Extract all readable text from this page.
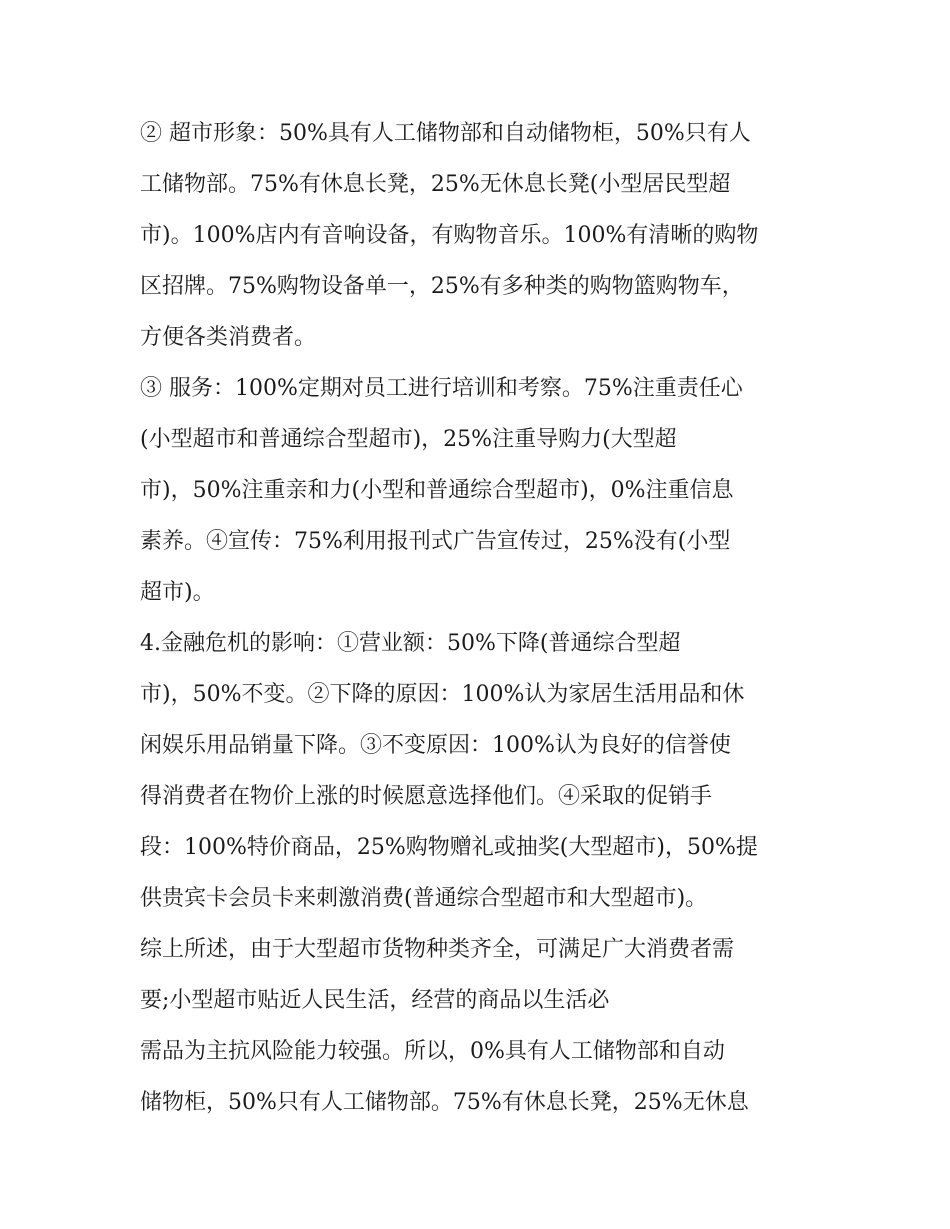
② 超市形象：50%具有人工储物部和自动储物柜，50%只有人
工储物部。75%有休息长凳，25%无休息长凳(小型居民型超
市)。100%店内有音响设备，有购物音乐。100%有清晰的购物
区招牌。75%购物设备单一，25%有多种类的购物篮购物车，
方便各类消费者。
③ 服务：100%定期对员工进行培训和考察。75%注重责任心
(小型超市和普通综合型超市)，25%注重导购力(大型超
市)，50%注重亲和力(小型和普通综合型超市)，0%注重信息
素养。④宣传：75%利用报刊式广告宣传过，25%没有(小型
超市)。
4.金融危机的影响：①营业额：50%下降(普通综合型超
市)，50%不变。②下降的原因：100%认为家居生活用品和休
闲娱乐用品销量下降。③不变原因：100%认为良好的信誉使
得消费者在物价上涨的时候愿意选择他们。④采取的促销手
段：100%特价商品，25%购物赠礼或抽奖(大型超市)，50%提
供贵宾卡会员卡来刺激消费(普通综合型超市和大型超市)。
综上所述，由于大型超市货物种类齐全，可满足广大消费者需
要;小型超市贴近人民生活，经营的商品以生活必
需品为主抗风险能力较强。所以，0%具有人工储物部和自动
储物柜，50%只有人工储物部。75%有休息长凳，25%无休息
